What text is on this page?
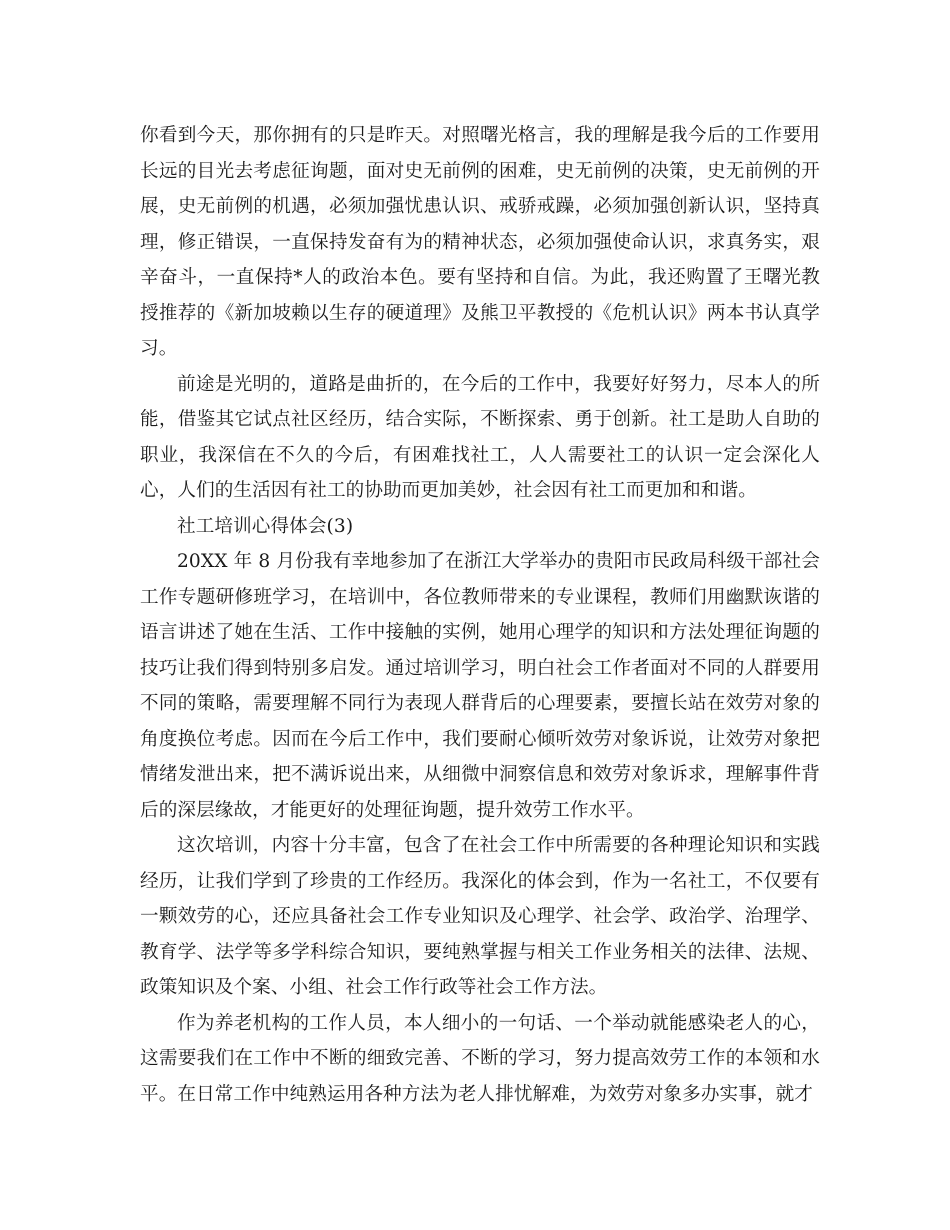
你看到今天，那你拥有的只是昨天。对照曙光格言，我的理解是我今后的工作要用长远的目光去考虑征询题，面对史无前例的困难，史无前例的决策，史无前例的开展，史无前例的机遇，必须加强忧患认识、戒骄戒躁，必须加强创新认识，坚持真理，修正错误，一直保持发奋有为的精神状态，必须加强使命认识，求真务实，艰辛奋斗，一直保持*人的政治本色。要有坚持和自信。为此，我还购置了王曙光教授推荐的《新加坡赖以生存的硬道理》及熊卫平教授的《危机认识》两本书认真学习。

前途是光明的，道路是曲折的，在今后的工作中，我要好好努力，尽本人的所能，借鉴其它试点社区经历，结合实际，不断探索、勇于创新。社工是助人自助的职业，我深信在不久的今后，有困难找社工，人人需要社工的认识一定会深化人心，人们的生活因有社工的协助而更加美妙，社会因有社工而更加和和谐。

社工培训心得体会(3)

20XX 年 8 月份我有幸地参加了在浙江大学举办的贵阳市民政局科级干部社会工作专题研修班学习，在培训中，各位教师带来的专业课程，教师们用幽默诙谐的语言讲述了她在生活、工作中接触的实例，她用心理学的知识和方法处理征询题的技巧让我们得到特别多启发。通过培训学习，明白社会工作者面对不同的人群要用不同的策略，需要理解不同行为表现人群背后的心理要素，要擅长站在效劳对象的角度换位考虑。因而在今后工作中，我们要耐心倾听效劳对象诉说，让效劳对象把情绪发泄出来，把不满诉说出来，从细微中洞察信息和效劳对象诉求，理解事件背后的深层缘故，才能更好的处理征询题，提升效劳工作水平。

这次培训，内容十分丰富，包含了在社会工作中所需要的各种理论知识和实践经历，让我们学到了珍贵的工作经历。我深化的体会到，作为一名社工，不仅要有一颗效劳的心，还应具备社会工作专业知识及心理学、社会学、政治学、治理学、教育学、法学等多学科综合知识，要纯熟掌握与相关工作业务相关的法律、法规、政策知识及个案、小组、社会工作行政等社会工作方法。

作为养老机构的工作人员，本人细小的一句话、一个举动就能感染老人的心，这需要我们在工作中不断的细致完善、不断的学习，努力提高效劳工作的本领和水平。在日常工作中纯熟运用各种方法为老人排忧解难，为效劳对象多办实事，就才
